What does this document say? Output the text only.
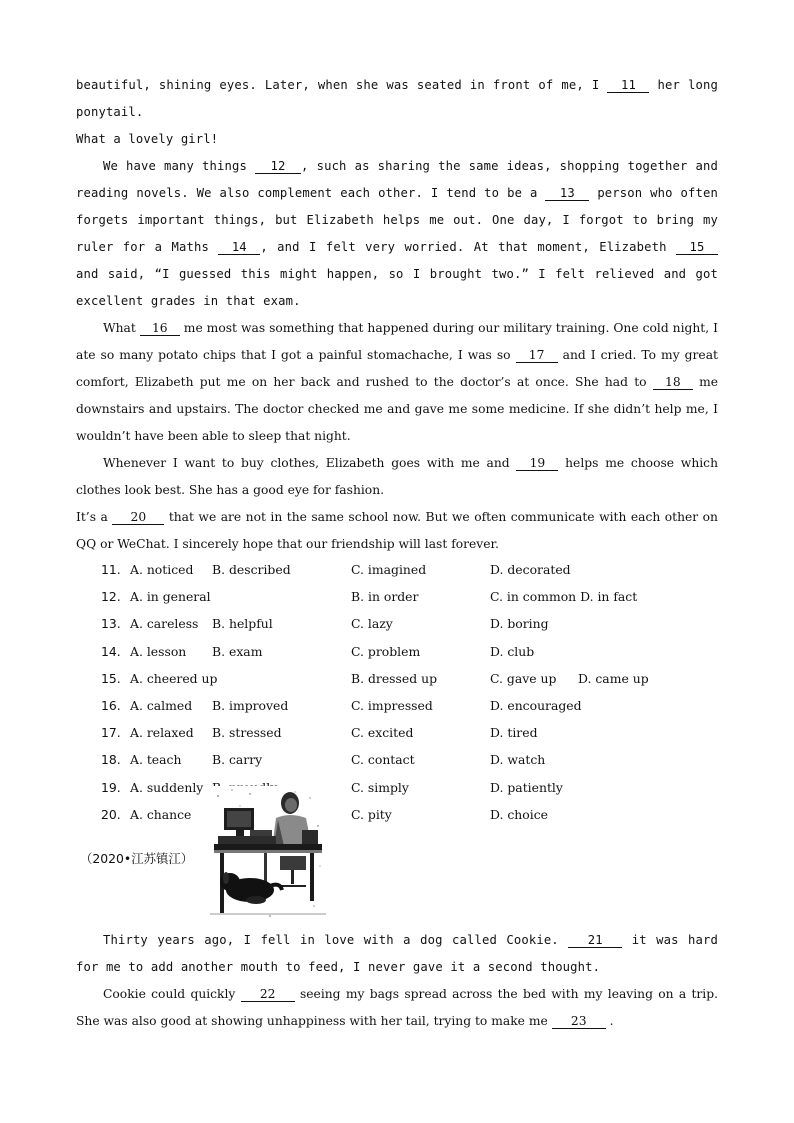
beautiful, shining eyes. Later, when she was seated in front of me, I 11 her long ponytail.
What a lovely girl!

We have many things 12 , such as sharing the same ideas, shopping together and reading novels. We also complement each other. I tend to be a 13 person who often forgets important things, but Elizabeth helps me out. One day, I forgot to bring my ruler for a Maths 14 , and I felt very worried. At that moment, Elizabeth 15 and said, “I guessed this might happen, so I brought two.” I felt relieved and got excellent grades in that exam.

What 16 me most was something that happened during our military training. One cold night, I ate so many potato chips that I got a painful stomachache, I was so 17 and I cried. To my great comfort, Elizabeth put me on her back and rushed to the doctor’s at once. She had to 18 me downstairs and upstairs. The doctor checked me and gave me some medicine. If she didn’t help me, I wouldn’t have been able to sleep that night.

Whenever I want to buy clothes, Elizabeth goes with me and 19 helps me choose which clothes look best. She has a good eye for fashion.

It’s a 20 that we are not in the same school now. But we often communicate with each other on QQ or WeChat. I sincerely hope that our friendship will last forever.

11. A. noticed B. described	C. imagined	D. decorated
12. A. in general	B. in order	C. in common D. in fact
13. A. careless B. helpful	C. lazy	D. boring
14. A. lesson B. exam	C. problem	D. club
15. A. cheered up	B. dressed up	C. gave up D. came up
16. A. calmed B. improved	C. impressed	D. encouraged
17. A. relaxed B. stressed	C. excited	D. tired
18. A. teach B. carry	C. contact	D. watch
19. A. suddenly	C. simply	D. patiently
20. A. chance	C. pity	D. choice
（2020•江苏镇江）

Thirty years ago, I fell in love with a dog called Cookie. 21 it was hard for me to add another mouth to feed, I never gave it a second thought.

Cookie could quickly 22 seeing my bags spread across the bed with my leaving on a trip. She was also good at showing unhappiness with her tail, trying to make me 23 .
